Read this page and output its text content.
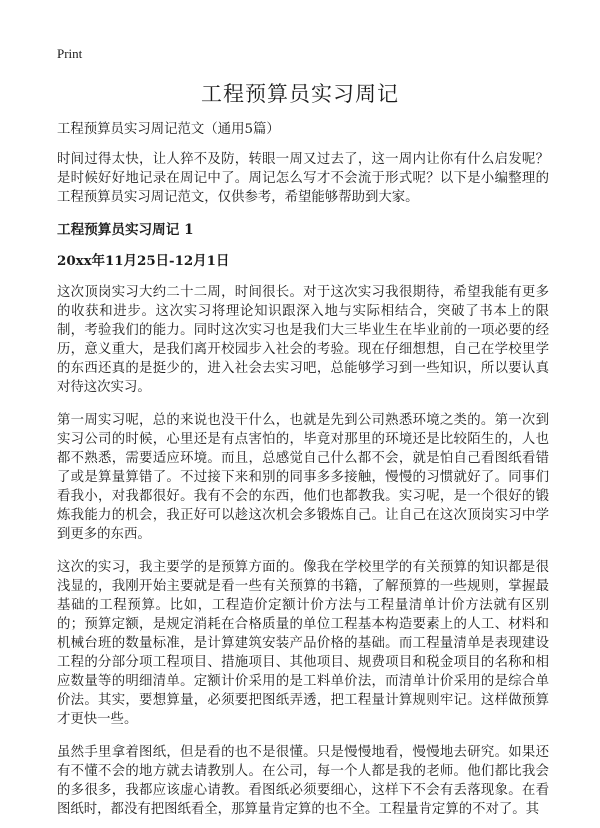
Print
工程预算员实习周记

工程预算员实习周记范文（通用5篇）

时间过得太快，让人猝不及防，转眼一周又过去了，这一周内让你有什么启发呢？是时候好好地记录在周记中了。周记怎么写才不会流于形式呢？以下是小编整理的工程预算员实习周记范文，仅供参考，希望能够帮助到大家。

工程预算员实习周记 1

20xx年11月25日-12月1日

这次顶岗实习大约二十二周，时间很长。对于这次实习我很期待，希望我能有更多的收获和进步。这次实习将理论知识跟深入地与实际相结合，突破了书本上的限制，考验我们的能力。同时这次实习也是我们大三毕业生在毕业前的一项必要的经历，意义重大，是我们离开校园步入社会的考验。现在仔细想想，自己在学校里学的东西还真的是挺少的，进入社会去实习吧，总能够学习到一些知识，所以要认真对待这次实习。

第一周实习呢，总的来说也没干什么，也就是先到公司熟悉环境之类的。第一次到实习公司的时候，心里还是有点害怕的，毕竟对那里的环境还是比较陌生的，人也都不熟悉，需要适应环境。而且，总感觉自己什么都不会，就是怕自己看图纸看错了或是算量算错了。不过接下来和别的同事多多接触，慢慢的习惯就好了。同事们看我小，对我都很好。我有不会的东西，他们也都教我。实习呢，是一个很好的锻炼我能力的机会，我正好可以趁这次机会多锻炼自己。让自己在这次顶岗实习中学到更多的东西。

这次的实习，我主要学的是预算方面的。像我在学校里学的有关预算的知识都是很浅显的，我刚开始主要就是看一些有关预算的书籍，了解预算的一些规则，掌握最基础的工程预算。比如，工程造价定额计价方法与工程量清单计价方法就有区别的；预算定额，是规定消耗在合格质量的单位工程基本构造要素上的人工、材料和机械台班的数量标准，是计算建筑安装产品价格的基础。而工程量清单是表现建设工程的分部分项工程项目、措施项目、其他项目、规费项目和税金项目的名称和相应数量等的明细清单。定额计价采用的是工料单价法，而清单计价采用的是综合单价法。其实，要想算量，必须要把图纸弄透，把工程量计算规则牢记。这样做预算才更快一些。

虽然手里拿着图纸，但是看的也不是很懂。只是慢慢地看，慢慢地去研究。如果还有不懂不会的地方就去请教别人。在公司，每一个人都是我的老师。他们都比我会的多很多，我都应该虚心请教。看图纸必须要细心，这样下不会有丢落现象。在看图纸时，都没有把图纸看全，那算量肯定算的也不全。工程量肯定算的不对了。其
